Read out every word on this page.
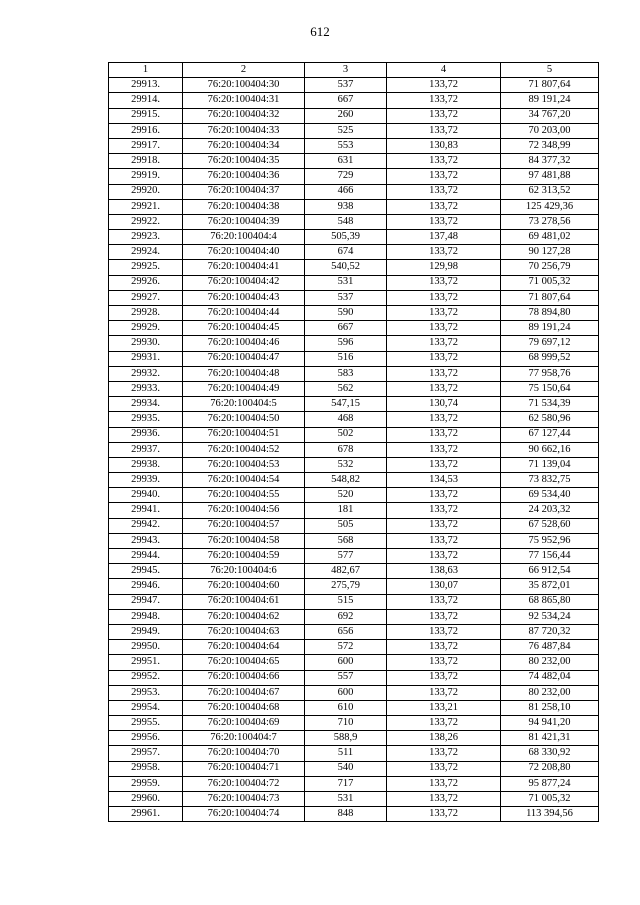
612
1	2	3	4	5
29913.	76:20:100404:30	537	133,72	71 807,64
29914.	76:20:100404:31	667	133,72	89 191,24
29915.	76:20:100404:32	260	133,72	34 767,20
29916.	76:20:100404:33	525	133,72	70 203,00
29917.	76:20:100404:34	553	130,83	72 348,99
29918.	76:20:100404:35	631	133,72	84 377,32
29919.	76:20:100404:36	729	133,72	97 481,88
29920.	76:20:100404:37	466	133,72	62 313,52
29921.	76:20:100404:38	938	133,72	125 429,36
29922.	76:20:100404:39	548	133,72	73 278,56
29923.	76:20:100404:4	505,39	137,48	69 481,02
29924.	76:20:100404:40	674	133,72	90 127,28
29925.	76:20:100404:41	540,52	129,98	70 256,79
29926.	76:20:100404:42	531	133,72	71 005,32
29927.	76:20:100404:43	537	133,72	71 807,64
29928.	76:20:100404:44	590	133,72	78 894,80
29929.	76:20:100404:45	667	133,72	89 191,24
29930.	76:20:100404:46	596	133,72	79 697,12
29931.	76:20:100404:47	516	133,72	68 999,52
29932.	76:20:100404:48	583	133,72	77 958,76
29933.	76:20:100404:49	562	133,72	75 150,64
29934.	76:20:100404:5	547,15	130,74	71 534,39
29935.	76:20:100404:50	468	133,72	62 580,96
29936.	76:20:100404:51	502	133,72	67 127,44
29937.	76:20:100404:52	678	133,72	90 662,16
29938.	76:20:100404:53	532	133,72	71 139,04
29939.	76:20:100404:54	548,82	134,53	73 832,75
29940.	76:20:100404:55	520	133,72	69 534,40
29941.	76:20:100404:56	181	133,72	24 203,32
29942.	76:20:100404:57	505	133,72	67 528,60
29943.	76:20:100404:58	568	133,72	75 952,96
29944.	76:20:100404:59	577	133,72	77 156,44
29945.	76:20:100404:6	482,67	138,63	66 912,54
29946.	76:20:100404:60	275,79	130,07	35 872,01
29947.	76:20:100404:61	515	133,72	68 865,80
29948.	76:20:100404:62	692	133,72	92 534,24
29949.	76:20:100404:63	656	133,72	87 720,32
29950.	76:20:100404:64	572	133,72	76 487,84
29951.	76:20:100404:65	600	133,72	80 232,00
29952.	76:20:100404:66	557	133,72	74 482,04
29953.	76:20:100404:67	600	133,72	80 232,00
29954.	76:20:100404:68	610	133,21	81 258,10
29955.	76:20:100404:69	710	133,72	94 941,20
29956.	76:20:100404:7	588,9	138,26	81 421,31
29957.	76:20:100404:70	511	133,72	68 330,92
29958.	76:20:100404:71	540	133,72	72 208,80
29959.	76:20:100404:72	717	133,72	95 877,24
29960.	76:20:100404:73	531	133,72	71 005,32
29961.	76:20:100404:74	848	133,72	113 394,56
